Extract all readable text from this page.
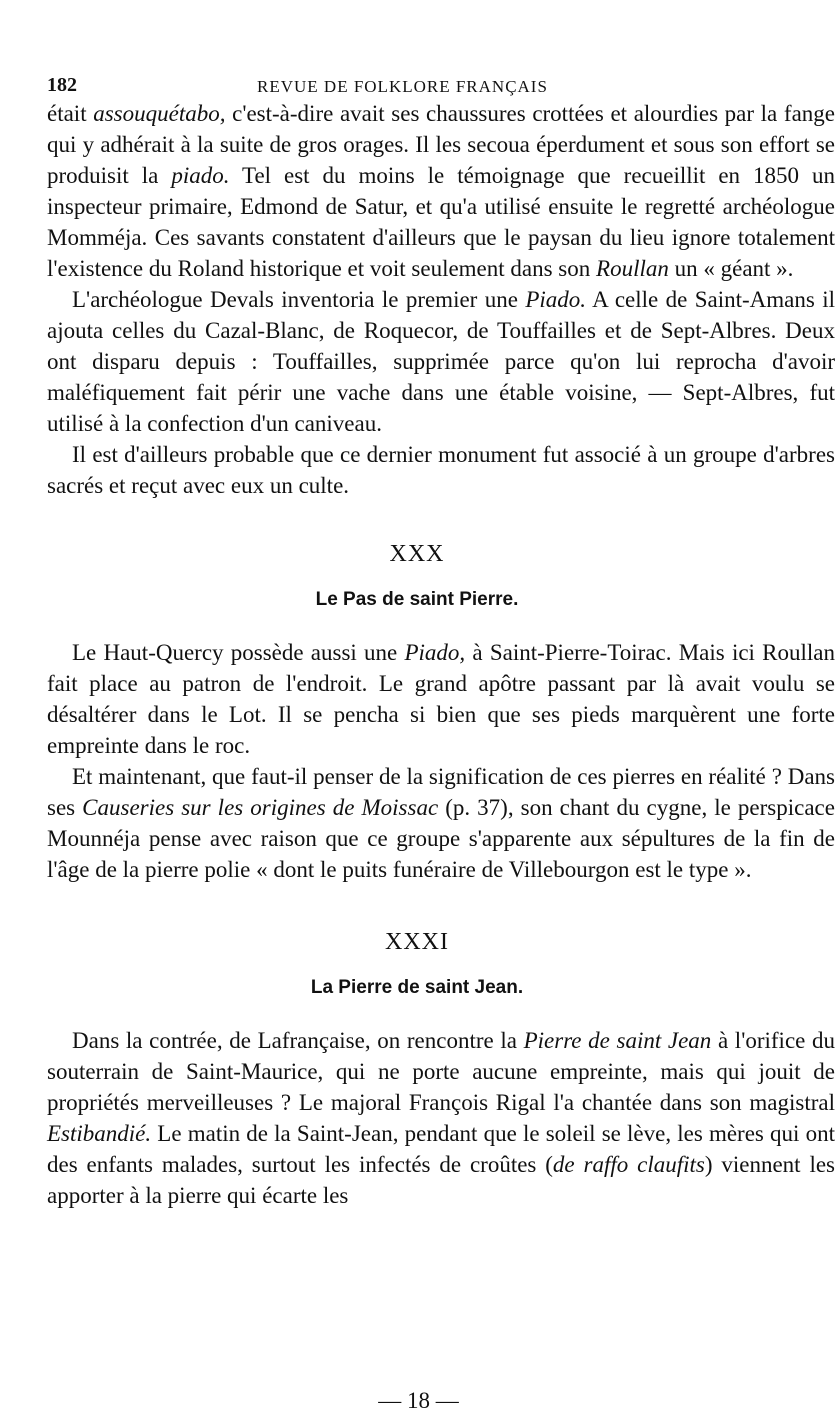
182	REVUE DE FOLKLORE FRANÇAIS

était assouquétabo, c'est-à-dire avait ses chaussures crottées et alourdies par la fange qui y adhérait à la suite de gros orages. Il les secoua éperdument et sous son effort se produisit la piado. Tel est du moins le témoignage que recueillit en 1850 un inspecteur primaire, Edmond de Satur, et qu'a utilisé ensuite le regretté archéologue Momméja. Ces savants constatent d'ailleurs que le paysan du lieu ignore totalement l'existence du Roland historique et voit seulement dans son Roullan un « géant ».

L'archéologue Devals inventoria le premier une Piado. A celle de Saint-Amans il ajouta celles du Cazal-Blanc, de Roquecor, de Touffailles et de Sept-Albres. Deux ont disparu depuis : Touffailles, supprimée parce qu'on lui reprocha d'avoir maléfiquement fait périr une vache dans une étable voisine, — Sept-Albres, fut utilisé à la confection d'un caniveau.

Il est d'ailleurs probable que ce dernier monument fut associé à un groupe d'arbres sacrés et reçut avec eux un culte.

XXX

Le Pas de saint Pierre.

Le Haut-Quercy possède aussi une Piado, à Saint-Pierre-Toirac. Mais ici Roullan fait place au patron de l'endroit. Le grand apôtre passant par là avait voulu se désaltérer dans le Lot. Il se pencha si bien que ses pieds marquèrent une forte empreinte dans le roc.

Et maintenant, que faut-il penser de la signification de ces pierres en réalité ? Dans ses Causeries sur les origines de Moissac (p. 37), son chant du cygne, le perspicace Mounnéja pense avec raison que ce groupe s'apparente aux sépultures de la fin de l'âge de la pierre polie « dont le puits funéraire de Villebourgon est le type ».

XXXI

La Pierre de saint Jean.

Dans la contrée, de Lafrançaise, on rencontre la Pierre de saint Jean à l'orifice du souterrain de Saint-Maurice, qui ne porte aucune empreinte, mais qui jouit de propriétés merveilleuses ? Le majoral François Rigal l'a chantée dans son magistral Estibandié. Le matin de la Saint-Jean, pendant que le soleil se lève, les mères qui ont des enfants malades, surtout les infectés de croûtes (de raffo claufits) viennent les apporter à la pierre qui écarte les

— 18 —
